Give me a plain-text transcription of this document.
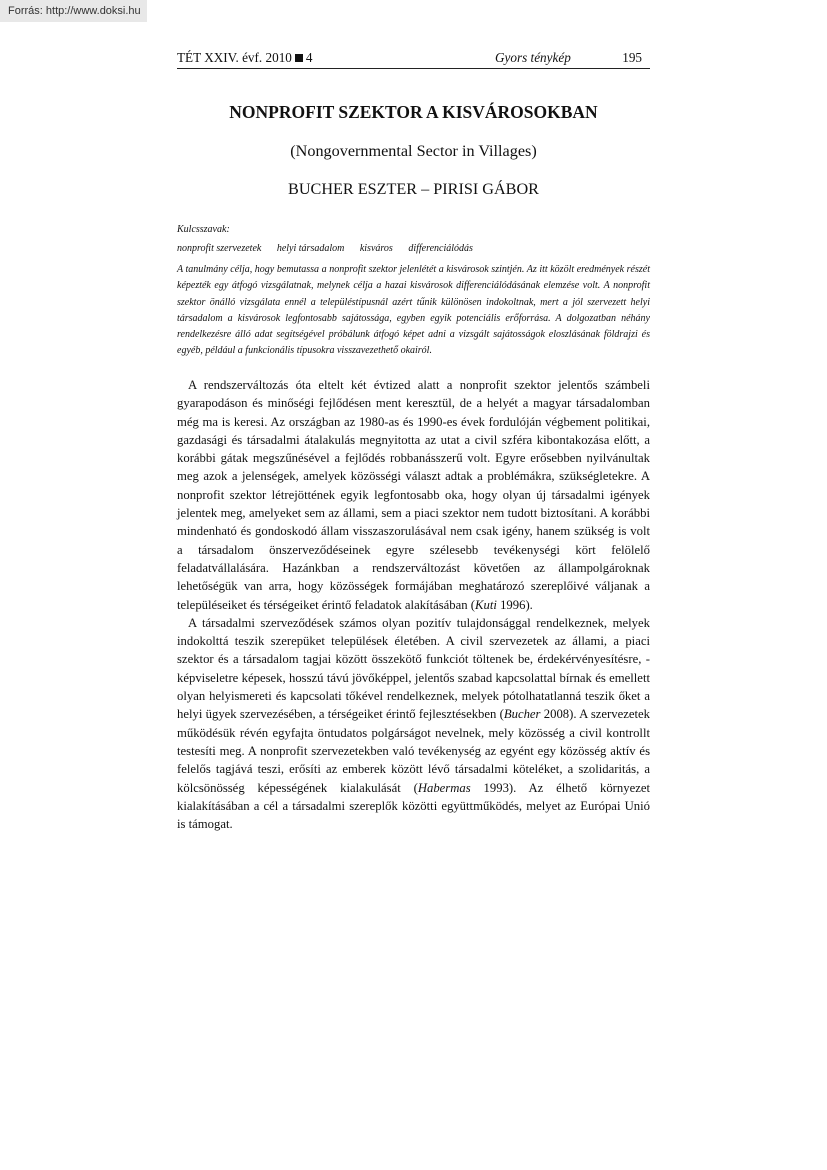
Forrás: http://www.doksi.hu
TÉT XXIV. évf. 2010 4	Gyors ténykép	195
NONPROFIT SZEKTOR A KISVÁROSOKBAN
(Nongovernmental Sector in Villages)
BUCHER ESZTER – PIRISI GÁBOR
Kulcsszavak:
nonprofit szervezetek helyi társadalom kisváros differenciálódás

A tanulmány célja, hogy bemutassa a nonprofit szektor jelenlétét a kisvárosok szintjén. Az itt közölt eredmények részét képezték egy átfogó vizsgálatnak, melynek célja a hazai kisvárosok differenciálódásának elemzése volt. A nonprofit szektor önálló vizsgálata ennél a településtípusnál azért tűnik különösen indokoltnak, mert a jól szervezett helyi társadalom a kisvárosok legfontosabb sajátossága, egyben egyik potenciális erőforrása. A dolgozatban néhány rendelkezésre álló adat segítségével próbálunk átfogó képet adni a vizsgált sajátosságok eloszlásának földrajzi és egyéb, például a funkcionális típusokra visszavezethető okairól.

A rendszerváltozás óta eltelt két évtized alatt a nonprofit szektor jelentős számbeli gyarapodáson és minőségi fejlődésen ment keresztül, de a helyét a magyar társadalomban még ma is keresi. Az országban az 1980-as és 1990-es évek fordulóján végbement politikai, gazdasági és társadalmi átalakulás megnyitotta az utat a civil szféra kibontakozása előtt, a korábbi gátak megszűnésével a fejlődés robbanásszerű volt. Egyre erősebben nyilvánultak meg azok a jelenségek, amelyek közösségi választ adtak a problémákra, szükségletekre. A nonprofit szektor létrejöttének egyik legfontosabb oka, hogy olyan új társadalmi igények jelentek meg, amelyeket sem az állami, sem a piaci szektor nem tudott biztosítani. A korábbi mindenható és gondoskodó állam visszaszorulásával nem csak igény, hanem szükség is volt a társadalom önszerveződéseinek egyre szélesebb tevékenységi kört felölelő feladatvállalására. Hazánkban a rendszerváltozást követően az állampolgároknak lehetőségük van arra, hogy közösségek formájában meghatározó szereplőivé váljanak a településeiket és térségeiket érintő feladatok alakításában (Kuti 1996).

A társadalmi szerveződések számos olyan pozitív tulajdonsággal rendelkeznek, melyek indokolttá teszik szerepüket települések életében. A civil szervezetek az állami, a piaci szektor és a társadalom tagjai között összekötő funkciót töltenek be, érdekérvényesítésre, -képviseletre képesek, hosszú távú jövőképpel, jelentős szabad kapcsolattal bírnak és emellett olyan helyismereti és kapcsolati tőkével rendelkeznek, melyek pótolhatatlanná teszik őket a helyi ügyek szervezésében, a térségeiket érintő fejlesztésekben (Bucher 2008). A szervezetek működésük révén egyfajta öntudatos polgárságot nevelnek, mely közösség a civil kontrollt testesíti meg. A nonprofit szervezetekben való tevékenység az egyént egy közösség aktív és felelős tagjává teszi, erősíti az emberek között lévő társadalmi köteléket, a szolidaritás, a kölcsönösség képességének kialakulását (Habermas 1993). Az élhető környezet kialakításában a cél a társadalmi szereplők közötti együttműködés, melyet az Európai Unió is támogat.
